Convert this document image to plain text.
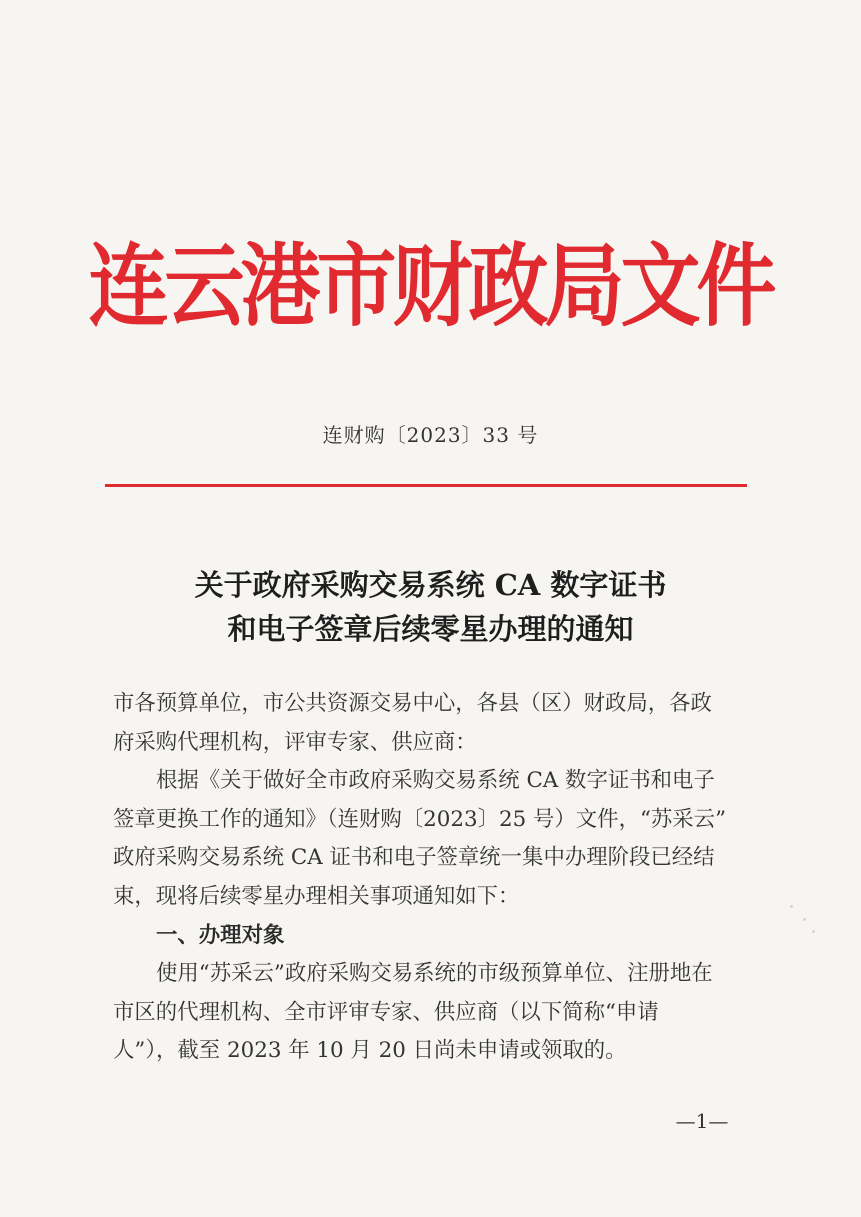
连云港市财政局文件
连财购〔2023〕33 号
关于政府采购交易系统 CA 数字证书
和电子签章后续零星办理的通知
市各预算单位，市公共资源交易中心，各县（区）财政局，各政
府采购代理机构，评审专家、供应商：
根据《关于做好全市政府采购交易系统 CA 数字证书和电子
签章更换工作的通知》（连财购〔2023〕25 号）文件，“苏采云”
政府采购交易系统 CA 证书和电子签章统一集中办理阶段已经结
束，现将后续零星办理相关事项通知如下：
一、办理对象
使用“苏采云”政府采购交易系统的市级预算单位、注册地在
市区的代理机构、全市评审专家、供应商（以下简称“申请
人”），截至 2023 年 10 月 20 日尚未申请或领取的。
—1—
